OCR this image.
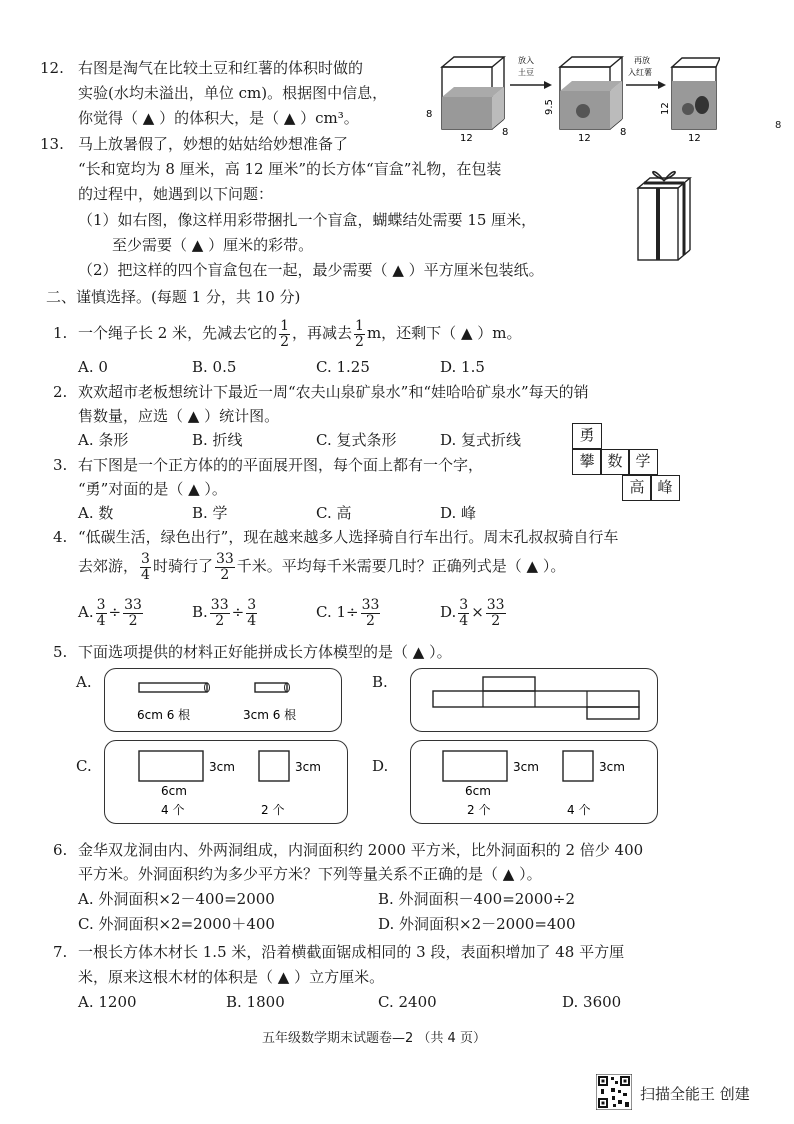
12. 右图是淘气在比较土豆和红薯的体积时做的
实验(水均未溢出，单位 cm)。根据图中信息，
你觉得（ ▲ ）的体积大，是（ ▲ ）cm³。	8
12
8
放入
土豆
9.5
12
8
再放
入红薯
12
12
8
13. 马上放暑假了，妙想的姑姑给妙想准备了
“长和宽均为 8 厘米，高 12 厘米”的长方体“盲盒”礼物，在包装
的过程中，她遇到以下问题：
（1）如右图，像这样用彩带捆扎一个盲盒，蝴蝶结处需要 15 厘米，
至少需要（ ▲ ）厘米的彩带。
（2）把这样的四个盲盒包在一起，最少需要（ ▲ ）平方厘米包装纸。
二、谨慎选择。(每题 1 分，共 10 分)
1. 一个绳子长 2 米，先减去它的 $\frac{1}{2}$ ，再减去 $\frac{1}{2}$ m，还剩下（ ▲ ）m。
A. 0	B. 0.5	C. 1.25	D. 1.5
2. 欢欢超市老板想统计下最近一周“农夫山泉矿泉水”和“娃哈哈矿泉水”每天的销
售数量，应选（ ▲ ）统计图。
A. 条形	B. 折线	C. 复式条形	D. 复式折线	勇
攀 数 学
高 峰
3. 右下图是一个正方体的的平面展开图，每个面上都有一个字，
“勇”对面的是（ ▲ ）。
A. 数	B. 学	C. 高	D. 峰
4. “低碳生活，绿色出行”，现在越来越多人选择骑自行车出行。周末孔叔叔骑自行车
去郊游， $\frac{3}{4}$ 时骑行了 $\frac{33}{2}$ 千米。平均每千米需要几时？正确列式是（ ▲ ）。
A. $\frac{3}{4} \div \frac{33}{2}$	B. $\frac{33}{2} \div \frac{3}{4}$	C. $1\div \frac{33}{2}$	D. $\frac{3}{4} \times \frac{33}{2}$
5. 下面选项提供的材料正好能拼成长方体模型的是（ ▲ ）。
A.
6cm 6 根	3cm 6 根
B.
C.	3cm
6cm
4 个
3cm
2 个
D.	3cm
6cm
2 个
3cm
4 个
6. 金华双龙洞由内、外两洞组成，内洞面积约 2000 平方米，比外洞面积的 2 倍少 400
平方米。外洞面积约为多少平方米？下列等量关系不正确的是（ ▲ ）。
A. 外洞面积×2－400=2000	B. 外洞面积－400=2000÷2
C. 外洞面积×2=2000＋400	D. 外洞面积×2－2000=400
7. 一根长方体木材长 1.5 米，沿着横截面锯成相同的 3 段，表面积增加了 48 平方厘
米，原来这根木材的体积是（ ▲ ）立方厘米。
A. 1200	B. 1800	C. 2400	D. 3600
五年级数学期末试题卷—2 （共 4 页）
扫描全能王 创建
